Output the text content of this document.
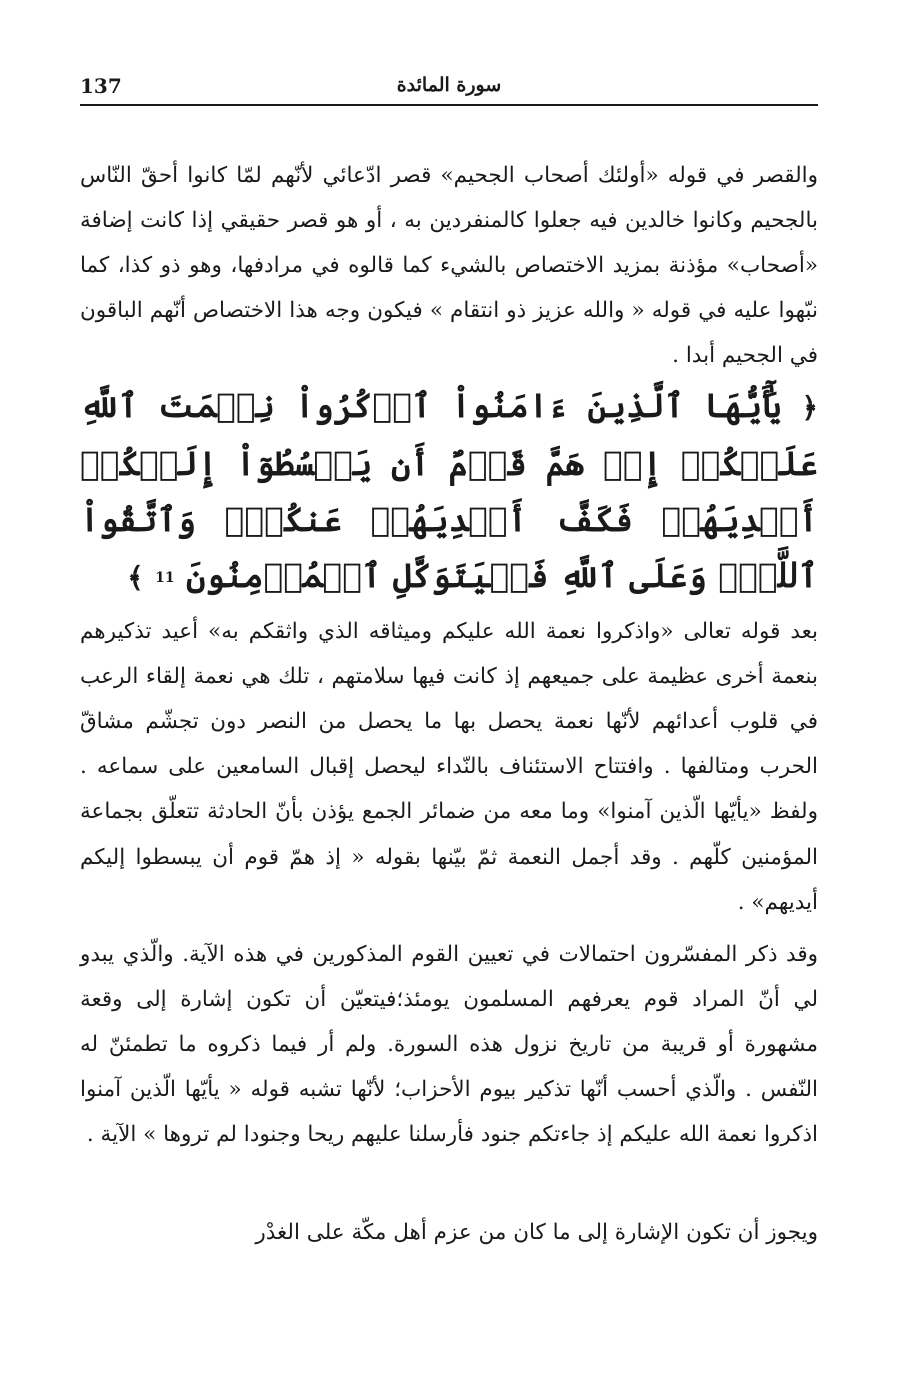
137	سورة المائدة

والقصر في قوله «أولئك أصحاب الجحيم» قصر ادّعائي لأنّهم لمّا كانوا أحقّ النّاس بالجحيم وكانوا خالدين فيه جعلوا كالمنفردين به ، أو هو قصر حقيقي إذا كانت إضافة «أصحاب» مؤذنة بمزيد الاختصاص بالشيء كما قالوه في مرادفها، وهو ذو كذا، كما نبّهوا عليه في قوله « والله عزيز ذو انتقام » فيكون وجه هذا الاختصاص أنّهم الباقون في الجحيم أبدا .

﴿ يَٰٓأَيُّهَا ٱلَّذِينَ ءَامَنُواْ ٱذۡكُرُواْ نِعۡمَتَ ٱللَّهِ عَلَيۡكُمۡ إِذۡ هَمَّ قَوۡمٌ أَن يَبۡسُطُوٓاْ إِلَيۡكُمۡ أَيۡدِيَهُمۡ فَكَفَّ أَيۡدِيَهُمۡ عَنكُمۡۖ وَٱتَّقُواْ ٱللَّهَۚ وَعَلَى ٱللَّهِ فَلۡيَتَوَكَّلِ ٱلۡمُؤۡمِنُونَ 11 ﴾

بعد قوله تعالى «واذكروا نعمة الله عليكم وميثاقه الذي واثقكم به» أعيد تذكيرهم بنعمة أخرى عظيمة على جميعهم إذ كانت فيها سلامتهم ، تلك هي نعمة إلقاء الرعب في قلوب أعدائهم لأنّها نعمة يحصل بها ما يحصل من النصر دون تجشّم مشاقّ الحرب ومتالفها . وافتتاح الاستئناف بالنّداء ليحصل إقبال السامعين على سماعه . ولفظ «يأيّها الّذين آمنوا» وما معه من ضمائر الجمع يؤذن بأنّ الحادثة تتعلّق بجماعة المؤمنين كلّهم . وقد أجمل النعمة ثمّ بيّنها بقوله « إذ همّ قوم أن يبسطوا إليكم أيديهم» .

وقد ذكر المفسّرون احتمالات في تعيين القوم المذكورين في هذه الآية. والّذي يبدو لي أنّ المراد قوم يعرفهم المسلمون يومئذ؛فيتعيّن أن تكون إشارة إلى وقعة مشهورة أو قريبة من تاريخ نزول هذه السورة. ولم أر فيما ذكروه ما تطمئنّ له النّفس . والّذي أحسب أنّها تذكير بيوم الأحزاب؛ لأنّها تشبه قوله « يأيّها الّذين آمنوا اذكروا نعمة الله عليكم إذ جاءتكم جنود فأرسلنا عليهم ريحا وجنودا لم تروها » الآية .

ويجوز أن تكون الإشارة إلى ما كان من عزم أهل مكّة على الغدْر
